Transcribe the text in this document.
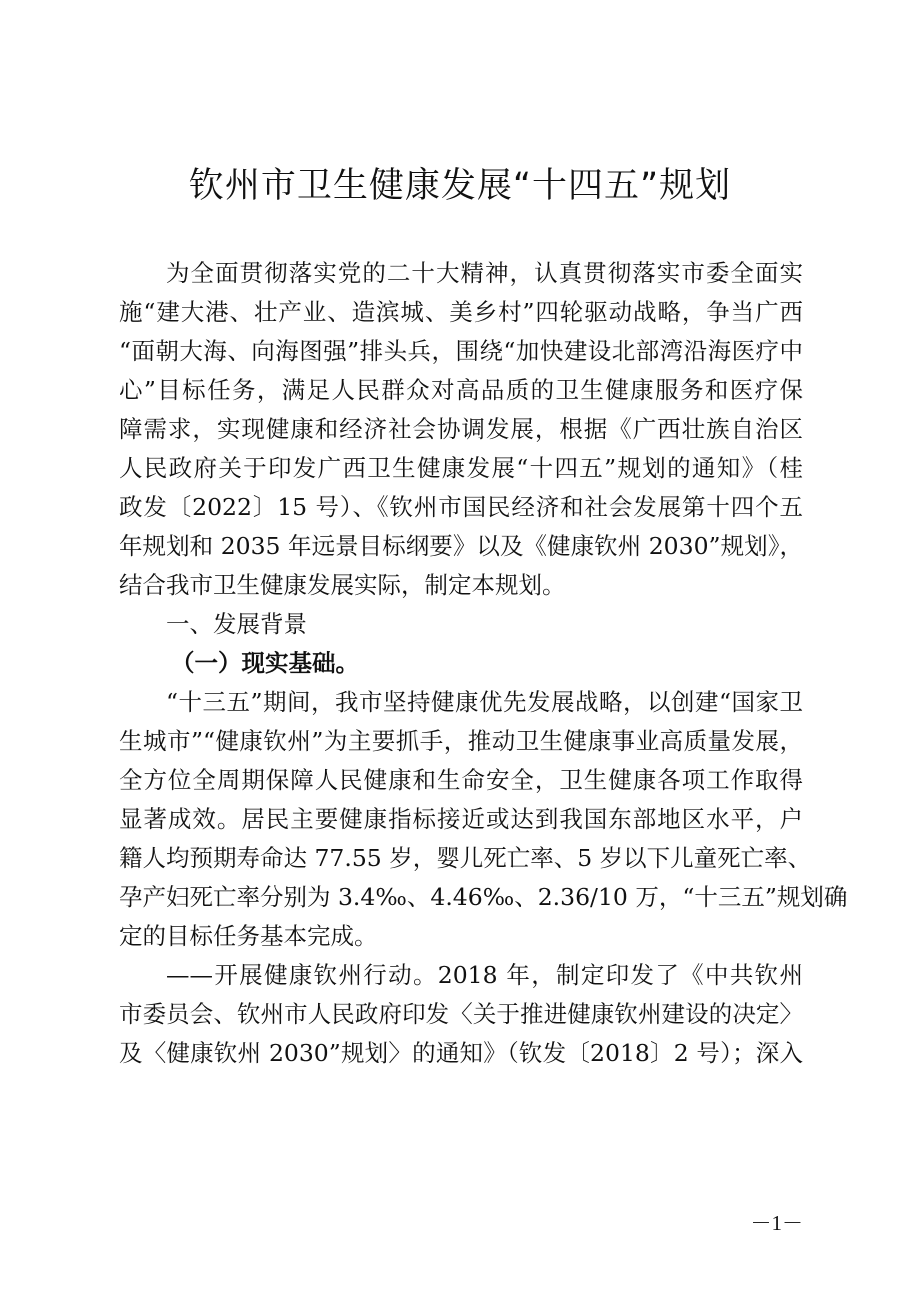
钦州市卫生健康发展“十四五”规划
为全面贯彻落实党的二十大精神，认真贯彻落实市委全面实
施“建大港、壮产业、造滨城、美乡村”四轮驱动战略，争当广西
“面朝大海、向海图强”排头兵，围绕“加快建设北部湾沿海医疗中
心”目标任务，满足人民群众对高品质的卫生健康服务和医疗保
障需求，实现健康和经济社会协调发展，根据《广西壮族自治区
人民政府关于印发广西卫生健康发展“十四五”规划的通知》（桂
政发〔2022〕15 号）、《钦州市国民经济和社会发展第十四个五
年规划和 2035 年远景目标纲要》以及《健康钦州 2030”规划》，
结合我市卫生健康发展实际，制定本规划。
一、发展背景
（一）现实基础。
“十三五”期间，我市坚持健康优先发展战略，以创建“国家卫
生城市”“健康钦州”为主要抓手，推动卫生健康事业高质量发展，
全方位全周期保障人民健康和生命安全，卫生健康各项工作取得
显著成效。居民主要健康指标接近或达到我国东部地区水平，户
籍人均预期寿命达 77.55 岁，婴儿死亡率、5 岁以下儿童死亡率、
孕产妇死亡率分别为 3.4‰、4.46‰、2.36/10 万，“十三五”规划确
定的目标任务基本完成。
——开展健康钦州行动。2018 年，制定印发了《中共钦州
市委员会、钦州市人民政府印发〈关于推进健康钦州建设的决定〉
及〈健康钦州 2030”规划〉的通知》（钦发〔2018〕2 号）；深入
－1－
